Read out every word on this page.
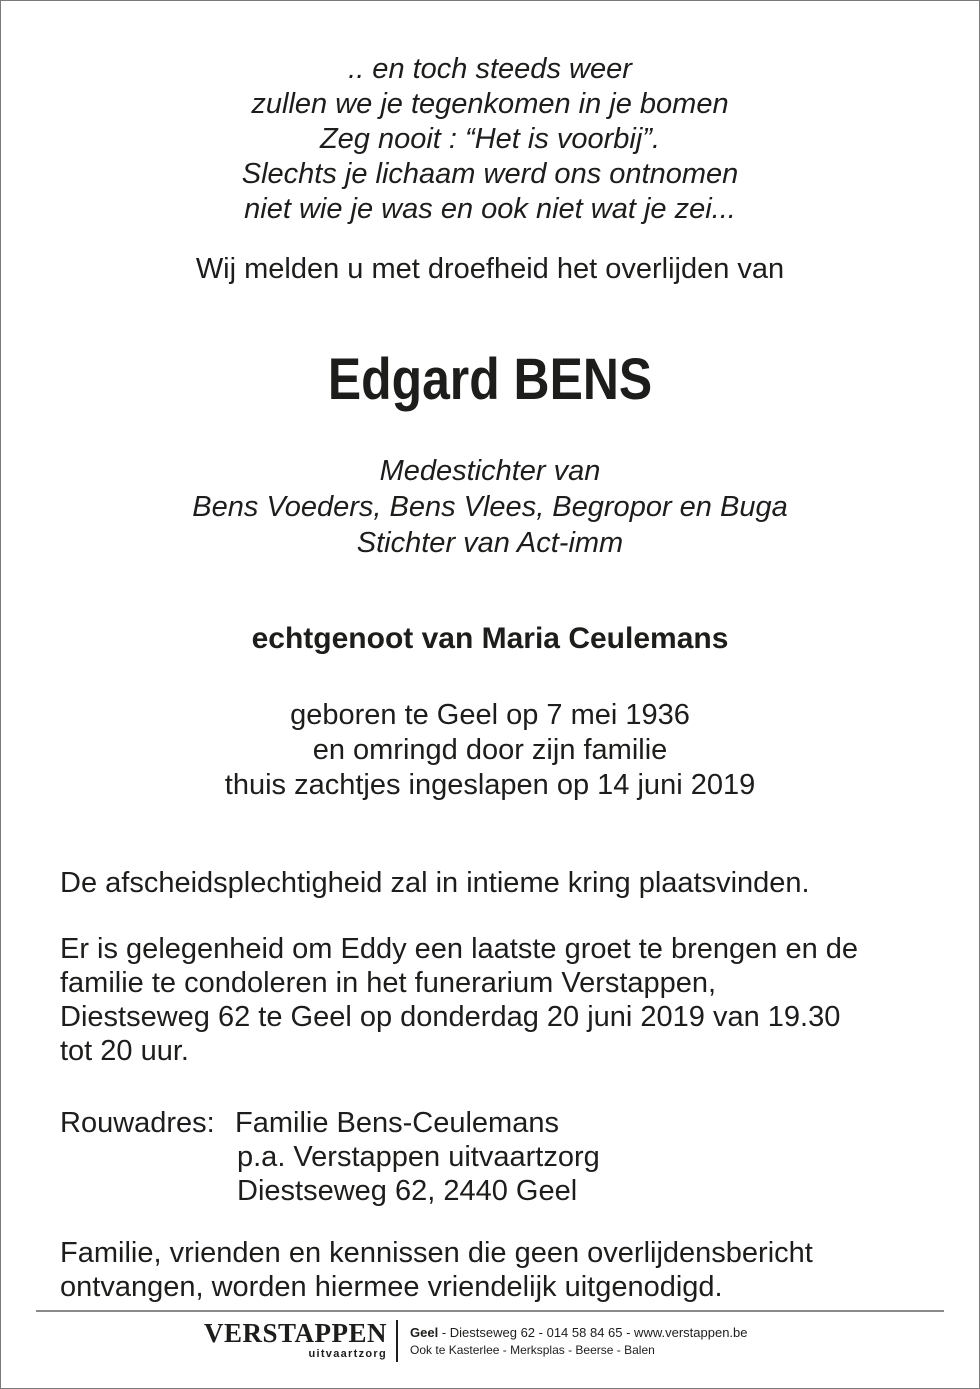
.. en toch steeds weer
zullen we je tegenkomen in je bomen
Zeg nooit : “Het is voorbij”.
Slechts je lichaam werd ons ontnomen
niet wie je was en ook niet wat je zei...
Wij melden u met droefheid het overlijden van
Edgard BENS
Medestichter van
Bens Voeders, Bens Vlees, Begropor en Buga
Stichter van Act-imm
echtgenoot van Maria Ceulemans
geboren te Geel op 7 mei 1936
en omringd door zijn familie
thuis zachtjes ingeslapen op 14 juni 2019
De afscheidsplechtigheid zal in intieme kring plaatsvinden.
Er is gelegenheid om Eddy een laatste groet te brengen en de
familie te condoleren in het funerarium Verstappen,
Diestseweg 62 te Geel op donderdag 20 juni 2019 van 19.30
tot 20 uur.
Rouwadres: Familie Bens-Ceulemans
p.a. Verstappen uitvaartzorg
Diestseweg 62, 2440 Geel
Familie, vrienden en kennissen die geen overlijdensbericht
ontvangen, worden hiermee vriendelijk uitgenodigd.
VERSTAPPEN
uitvaartzorg
Geel - Diestseweg 62 - 014 58 84 65 - www.verstappen.be
Ook te Kasterlee - Merksplas - Beerse - Balen
